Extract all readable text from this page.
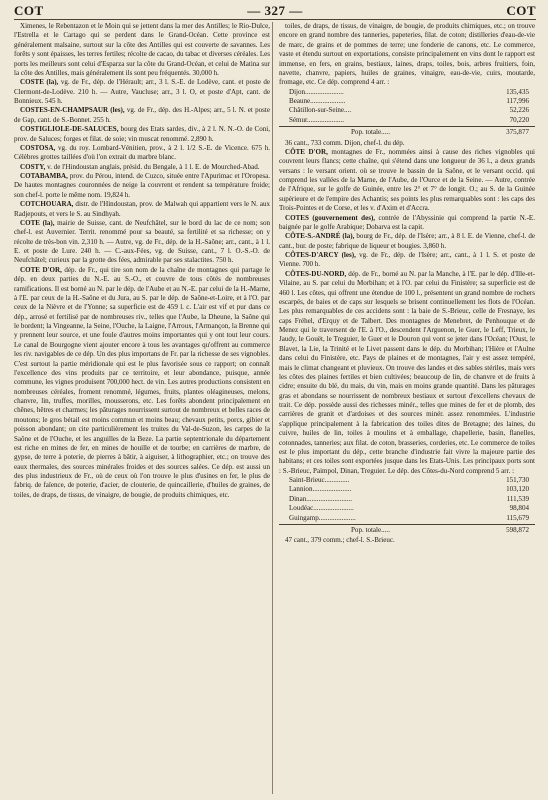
COT	— 327 —	COT

Ximenes, le Rebentazon et le Moin qui se jettent dans la mer des Antilles; le Rio-Dulce, l'Estrella et le Cartago qui se perdent dans le Grand-Océan. Cette province est généralement malsaine, surtout sur la côte des Antilles qui est couverte de savannes. Les forêts y sont épaisses, les terres fertiles; récolte de cacao, du tabac et diverses céréales. Les ports les meilleurs sont celui d'Esparza sur la côte du Grand-Océan, et celui de Matina sur la côte des Antilles, mais généralement ils sont peu fréquentés. 30,000 h.

COSTE (la), vg. de Fr., dép. de l'Hérault; arr., 3 l. S.-E. de Lodève, cant. et poste de Clermont-de-Lodève. 210 h. — Autre, Vaucluse; arr., 3 l. O, et poste d'Apt, cant. de Bonnieux. 545 h.

COSTES-EN-CHAMPSAUR (les), vg. de Fr., dép. des H.-Alpes; arr., 5 l. N. et poste de Gap, cant. de S.-Bonnet. 255 h.

COSTIGLIOLE-DE-SALUCES, bourg des Etats sardes, div., à 2 l. N. N.-O. de Coni, prov. de Saluces; forges et filat. de soie; vin muscat renommé. 2,890 h.

COSTOSA, vg. du roy. Lombard-Vénitien, prov., à 2 l. 1/2 S.-E. de Vicence. 675 h. Célèbres grottes taillées d'où l'on extrait du marbre blanc.

COSTY, v. de l'Hindoustan anglais, présid. du Bengale, à 1 l. E. de Mourched-Abad.

COTABAMBA, prov. du Pérou, intend. de Cuzco, située entre l'Apurimac et l'Oropesa. De hautes montagnes couronnées de neige la couvrent et rendent sa température froide; son chef-l. porte le même nom. 19,824 h.

COTCHOUARA, distr. de l'Hindoustan, prov. de Malwah qui appartient vers le N. aux Radjepouts, et vers le S. au Sindhyah.

COTE (la), mairie de Suisse, cant. de Neufchâtel, sur le bord du lac de ce nom; son chef-l. est Auvernier. Territ. renommé pour sa beauté, sa fertilité et sa richesse; on y récolte de très-bon vin. 2,310 h. — Autre, vg. de Fr., dép. de la H.-Saône; arr., cant., à 1 l. E. et poste de Lure. 240 h. — C.-aux-Fées, vg. de Suisse, cant., 7 l. O.-S.-O. de Neufchâtel; curieux par la grotte des fées, admirable par ses stalactites. 750 h.

COTE D'OR, dép. de Fr., qui tire son nom de la chaîne de montagnes qui partage le dép. en deux parties du N.-E. au S.-O., et couvre de tous côtés de nombreuses ramifications. Il est borné au N. par le dép. de l'Aube et au N.-E. par celui de la H.-Marne, à l'E. par ceux de la H.-Saône et du Jura, au S. par le dép. de Saône-et-Loire, et à l'O. par ceux de la Nièvre et de l'Yonne; sa superficie est de 459 l. c. L'air est vif et pur dans ce dép., arrosé et fertilisé par de nombreuses riv., telles que l'Aube, la Dheune, la Saône qui le bordent; la Vingeanne, la Seine, l'Ouche, la Laigne, l'Arroux, l'Armançon, la Brenne qui y prennent leur source, et une foule d'autres moins importantes qui y ont tout leur cours. Le canal de Bourgogne vient ajouter encore à tous les avantages qu'offrent au commerce les riv. navigables de ce dép. Un des plus importans de Fr. par la richesse de ses vignobles. C'est surtout la partie méridionale qui est le plus favorisée sous ce rapport; on connaît l'excellence des vins produits par ce territoire, et leur abondance, puisque, année commune, les vignes produisent 700,000 hect. de vin. Les autres productions consistent en nombreuses céréales, froment renommé, légumes, fruits, plantes oléagineuses, melons, chanvre, lin, truffes, morilles, mousserons, etc. Les forêts abondent principalement en chênes, hêtres et charmes; les pâturages nourrissent surtout de nombreux et belles races de moutons; le gros bétail est moins commun et moins beau; chevaux petits, porcs, gibier et poisson abondant; on cite particulièrement les truites du Val-de-Suzon, les carpes de la Saône et de l'Ouche, et les anguilles de la Beze. La partie septentrionale du département est riche en mines de fer, en mines de houille et de tourbe; en carrières de marbre, de gypse, de terre à poterie, de pierres à bâtir, à aiguiser, à lithographier, etc.; on trouve des eaux thermales, des sources minérales froides et des sources salées. Ce dép. est aussi un des plus industrieux de Fr., où de ceux où l'on trouve le plus d'usines en fer, le plus de fabriq. de faïence, de poterie, d'acier, de clouterie, de quincaillerie, d'huiles de graines, de toiles, de draps, de tissus, de vinaigre, de bougie, de produits chimiques, etc.

toiles, de draps, de tissus, de vinaigre, de bougie, de produits chimiques, etc.; on trouve encore en grand nombre des tanneries, papeteries, filat. de coton; distilleries d'eau-de-vie de marc, de grains et de pommes de terre; une fonderie de canons, etc. Le commerce, vaste et étendu surtout en exportations, consiste principalement en vins dont le rapport est immense, en fers, en grains, bestiaux, laines, draps, toiles, bois, arbres fruitiers, foin, navette, chanvre, papiers, huiles de graines, vinaigre, eau-de-vie, cuirs, moutarde, fromage, etc. Ce dép. comprend 4 arr. :

Dijon......................	135,435
Beaune....................	117,996
Châtillon-sur-Seine....	52,226
Sémur.....................	70,220
Pop. totale.....	375,877

36 cant., 733 comm. Dijon, chef-l. du dép.

CÔTE D'OR, montagnes de Fr., nommées ainsi à cause des riches vignobles qui couvrent leurs flancs; cette chaîne, qui s'étend dans une longueur de 36 l., a deux grands versans : le versant orient. où se trouve le bassin de la Saône, et le versant occid. qui comprend les vallées de la Marne, de l'Aube, de l'Ource et de la Seine. — Autre, contrée de l'Afrique, sur le golfe de Guinée, entre les 2° et 7° de longit. O.; au S. de la Guinée supérieure et de l'empire des Achantis; ses points les plus remarquables sont : les caps des Trois-Pointes et de Corse, et les v. d'Axim et d'Accra.

COTES (gouvernement des), contrée de l'Abyssinie qui comprend la partie N.-E. baignée par le golfe Arabique; Dobarva est la capit.

CÔTE-S.-ANDRÉ (la), bourg de Fr., dép. de l'Isère; arr., à 8 l. E. de Vienne, chef-l. de cant., bur. de poste; fabrique de liqueur et bougies. 3,860 h.

CÔTES-D'ARCY (les), vg. de Fr., dép. de l'Isère; arr., cant., à 1 l. S. et poste de Vienne. 700 h.

CÔTES-DU-NORD, dép. de Fr., borné au N. par la Manche, à l'E. par le dép. d'Ille-et-Vilaine, au S. par celui du Morbihan; et à l'O. par celui du Finistère; sa superficie est de 460 l. Les côtes, qui offrent une étendue de 100 l., présentent un grand nombre de rochers escarpés, de baies et de caps sur lesquels se brisent continuellement les flots de l'Océan. Les plus remarquables de ces accidens sont : la baie de S.-Brieuc, celle de Fresnaye, les caps Fréhel, d'Erquy et de Talbert. Des montagnes de Menebret, de Penhouque et de Menez qui le traversent de l'E. à l'O., descendent l'Arguenon, le Guer, le Leff, Trieux, le Jaudy, le Gouët, le Treguier, le Guer et le Douron qui vont se jeter dans l'Océan; l'Oust, le Blavet, la Lie, la Trinité et le Livet passent dans le dép. du Morbihan; l'Hière et l'Aulne dans celui du Finistère, etc. Pays de plaines et de montagnes, l'air y est assez tempéré, mais le climat changeant et pluvieux. On trouve des landes et des sables stériles, mais vers les côtes des plaines fertiles et bien cultivées; beaucoup de lin, de chanvre et de fruits à cidre; ensuite du blé, du mais, du vin, mais en moins grande quantité. Dans les pâturages gras et abondans se nourrissent de nombreux bestiaux et surtout d'excellens chevaux de trait. Ce dép. possède aussi des richesses minér., telles que mines de fer et de plomb, des carrières de granit et d'ardoises et des sources minér. assez renommées. L'industrie s'applique principalement à la fabrication des toiles dites de Bretagne; des laines, du cuivre, huiles de lin, toiles à moulins et à emballage, chapellerie, basin, flanelles, cotonnades, tanneries; aux filat. de coton, brasseries, corderies, etc. Le commerce de toiles est le plus important du dép., cette branche d'industrie fait vivre la majeure partie des habitans; et ces toiles sont exportées jusque dans les Etats-Unis. Les principaux ports sont : S.-Brieuc, Paimpol, Dinan, Treguier. Le dép. des Côtes-du-Nord comprend 5 arr. :

Saint-Brieuc..............	151,730
Lannion......................	103,120
Dinan..........................	111,539
Loudéac.......................	98,804
Guingamp.....................	115,679
Pop. totale.....	598,872

47 cant., 379 comm.; chef-l. S.-Brieuc.
